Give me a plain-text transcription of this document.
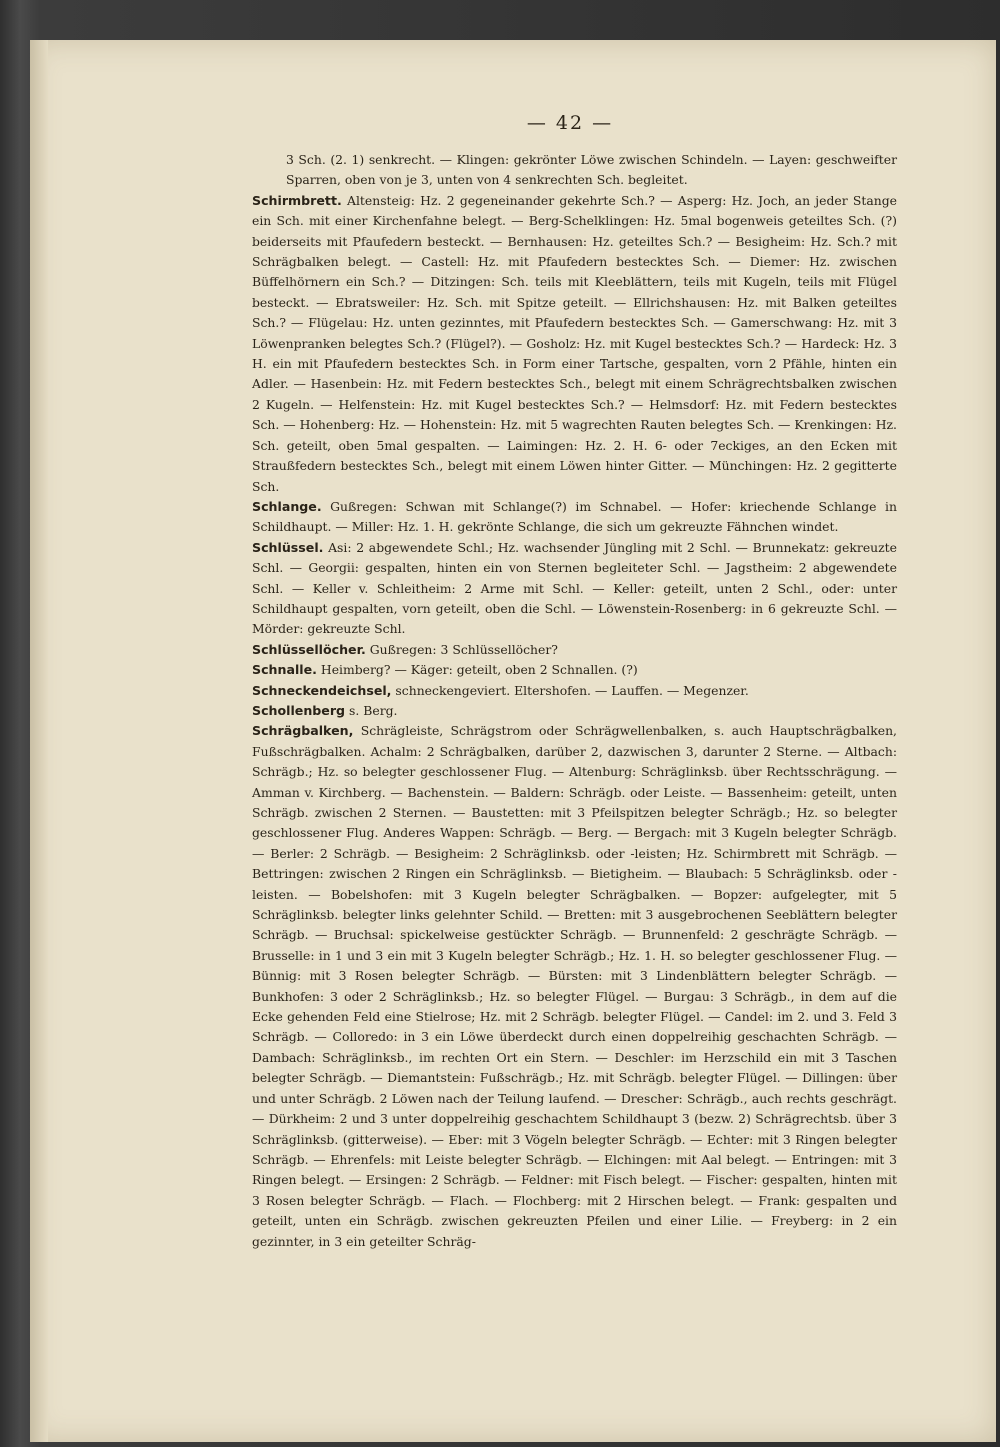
— 42 —

3 Sch. (2. 1) senkrecht. — Klingen: gekrönter Löwe zwischen Schindeln. — Layen: geschweifter Sparren, oben von je 3, unten von 4 senkrechten Sch. begleitet.

Schirmbrett. Altensteig: Hz. 2 gegeneinander gekehrte Sch.? — Asperg: Hz. Joch, an jeder Stange ein Sch. mit einer Kirchenfahne belegt. — Berg-Schelklingen: Hz. 5mal bogenweis geteiltes Sch. (?) beiderseits mit Pfaufedern besteckt. — Bernhausen: Hz. geteiltes Sch.? — Besigheim: Hz. Sch.? mit Schrägbalken belegt. — Castell: Hz. mit Pfaufedern bestecktes Sch. — Diemer: Hz. zwischen Büffelhörnern ein Sch.? — Ditzingen: Sch. teils mit Kleeblättern, teils mit Kugeln, teils mit Flügel besteckt. — Ebratsweiler: Hz. Sch. mit Spitze geteilt. — Ellrichshausen: Hz. mit Balken geteiltes Sch.? — Flügelau: Hz. unten gezinntes, mit Pfaufedern bestecktes Sch. — Gamerschwang: Hz. mit 3 Löwenpranken belegtes Sch.? (Flügel?). — Gosholz: Hz. mit Kugel bestecktes Sch.? — Hardeck: Hz. 3 H. ein mit Pfaufedern bestecktes Sch. in Form einer Tartsche, gespalten, vorn 2 Pfähle, hinten ein Adler. — Hasenbein: Hz. mit Federn bestecktes Sch., belegt mit einem Schrägrechtsbalken zwischen 2 Kugeln. — Helfenstein: Hz. mit Kugel bestecktes Sch.? — Helmsdorf: Hz. mit Federn bestecktes Sch. — Hohenberg: Hz. — Hohenstein: Hz. mit 5 wagrechten Rauten belegtes Sch. — Krenkingen: Hz. Sch. geteilt, oben 5mal gespalten. — Laimingen: Hz. 2. H. 6- oder 7eckiges, an den Ecken mit Straußfedern bestecktes Sch., belegt mit einem Löwen hinter Gitter. — Münchingen: Hz. 2 gegitterte Sch.

Schlange. Gußregen: Schwan mit Schlange(?) im Schnabel. — Hofer: kriechende Schlange in Schildhaupt. — Miller: Hz. 1. H. gekrönte Schlange, die sich um gekreuzte Fähnchen windet.

Schlüssel. Asi: 2 abgewendete Schl.; Hz. wachsender Jüngling mit 2 Schl. — Brunnekatz: gekreuzte Schl. — Georgii: gespalten, hinten ein von Sternen begleiteter Schl. — Jagstheim: 2 abgewendete Schl. — Keller v. Schleitheim: 2 Arme mit Schl. — Keller: geteilt, unten 2 Schl., oder: unter Schildhaupt gespalten, vorn geteilt, oben die Schl. — Löwenstein-Rosenberg: in 6 gekreuzte Schl. — Mörder: gekreuzte Schl.

Schlüssellöcher. Gußregen: 3 Schlüssellöcher?

Schnalle. Heimberg? — Käger: geteilt, oben 2 Schnallen. (?)

Schneckendeichsel, schneckengeviert. Eltershofen. — Lauffen. — Megenzer.

Schollenberg s. Berg.

Schrägbalken, Schrägleiste, Schrägstrom oder Schrägwellenbalken, s. auch Hauptschrägbalken, Fußschrägbalken. Achalm: 2 Schrägbalken, darüber 2, dazwischen 3, darunter 2 Sterne. — Altbach: Schrägb.; Hz. so belegter geschlossener Flug. — Altenburg: Schräglinksb. über Rechtsschrägung. — Amman v. Kirchberg. — Bachenstein. — Baldern: Schrägb. oder Leiste. — Bassenheim: geteilt, unten Schrägb. zwischen 2 Sternen. — Baustetten: mit 3 Pfeilspitzen belegter Schrägb.; Hz. so belegter geschlossener Flug. Anderes Wappen: Schrägb. — Berg. — Bergach: mit 3 Kugeln belegter Schrägb. — Berler: 2 Schrägb. — Besigheim: 2 Schräglinksb. oder -leisten; Hz. Schirmbrett mit Schrägb. — Bettringen: zwischen 2 Ringen ein Schräglinksb. — Bietigheim. — Blaubach: 5 Schräglinksb. oder -leisten. — Bobelshofen: mit 3 Kugeln belegter Schrägbalken. — Bopzer: aufgelegter, mit 5 Schräglinksb. belegter links gelehnter Schild. — Bretten: mit 3 ausgebrochenen Seeblättern belegter Schrägb. — Bruchsal: spickelweise gestückter Schrägb. — Brunnenfeld: 2 geschrägte Schrägb. — Brusselle: in 1 und 3 ein mit 3 Kugeln belegter Schrägb.; Hz. 1. H. so belegter geschlossener Flug. — Bünnig: mit 3 Rosen belegter Schrägb. — Bürsten: mit 3 Lindenblättern belegter Schrägb. — Bunkhofen: 3 oder 2 Schräglinksb.; Hz. so belegter Flügel. — Burgau: 3 Schrägb., in dem auf die Ecke gehenden Feld eine Stielrose; Hz. mit 2 Schrägb. belegter Flügel. — Candel: im 2. und 3. Feld 3 Schrägb. — Colloredo: in 3 ein Löwe überdeckt durch einen doppelreihig geschachten Schrägb. — Dambach: Schräglinksb., im rechten Ort ein Stern. — Deschler: im Herzschild ein mit 3 Taschen belegter Schrägb. — Diemantstein: Fußschrägb.; Hz. mit Schrägb. belegter Flügel. — Dillingen: über und unter Schrägb. 2 Löwen nach der Teilung laufend. — Drescher: Schrägb., auch rechts geschrägt. — Dürkheim: 2 und 3 unter doppelreihig geschachtem Schildhaupt 3 (bezw. 2) Schrägrechtsb. über 3 Schräglinksb. (gitterweise). — Eber: mit 3 Vögeln belegter Schrägb. — Echter: mit 3 Ringen belegter Schrägb. — Ehrenfels: mit Leiste belegter Schrägb. — Elchingen: mit Aal belegt. — Entringen: mit 3 Ringen belegt. — Ersingen: 2 Schrägb. — Feldner: mit Fisch belegt. — Fischer: gespalten, hinten mit 3 Rosen belegter Schrägb. — Flach. — Flochberg: mit 2 Hirschen belegt. — Frank: gespalten und geteilt, unten ein Schrägb. zwischen gekreuzten Pfeilen und einer Lilie. — Freyberg: in 2 ein gezinnter, in 3 ein geteilter Schräg-
